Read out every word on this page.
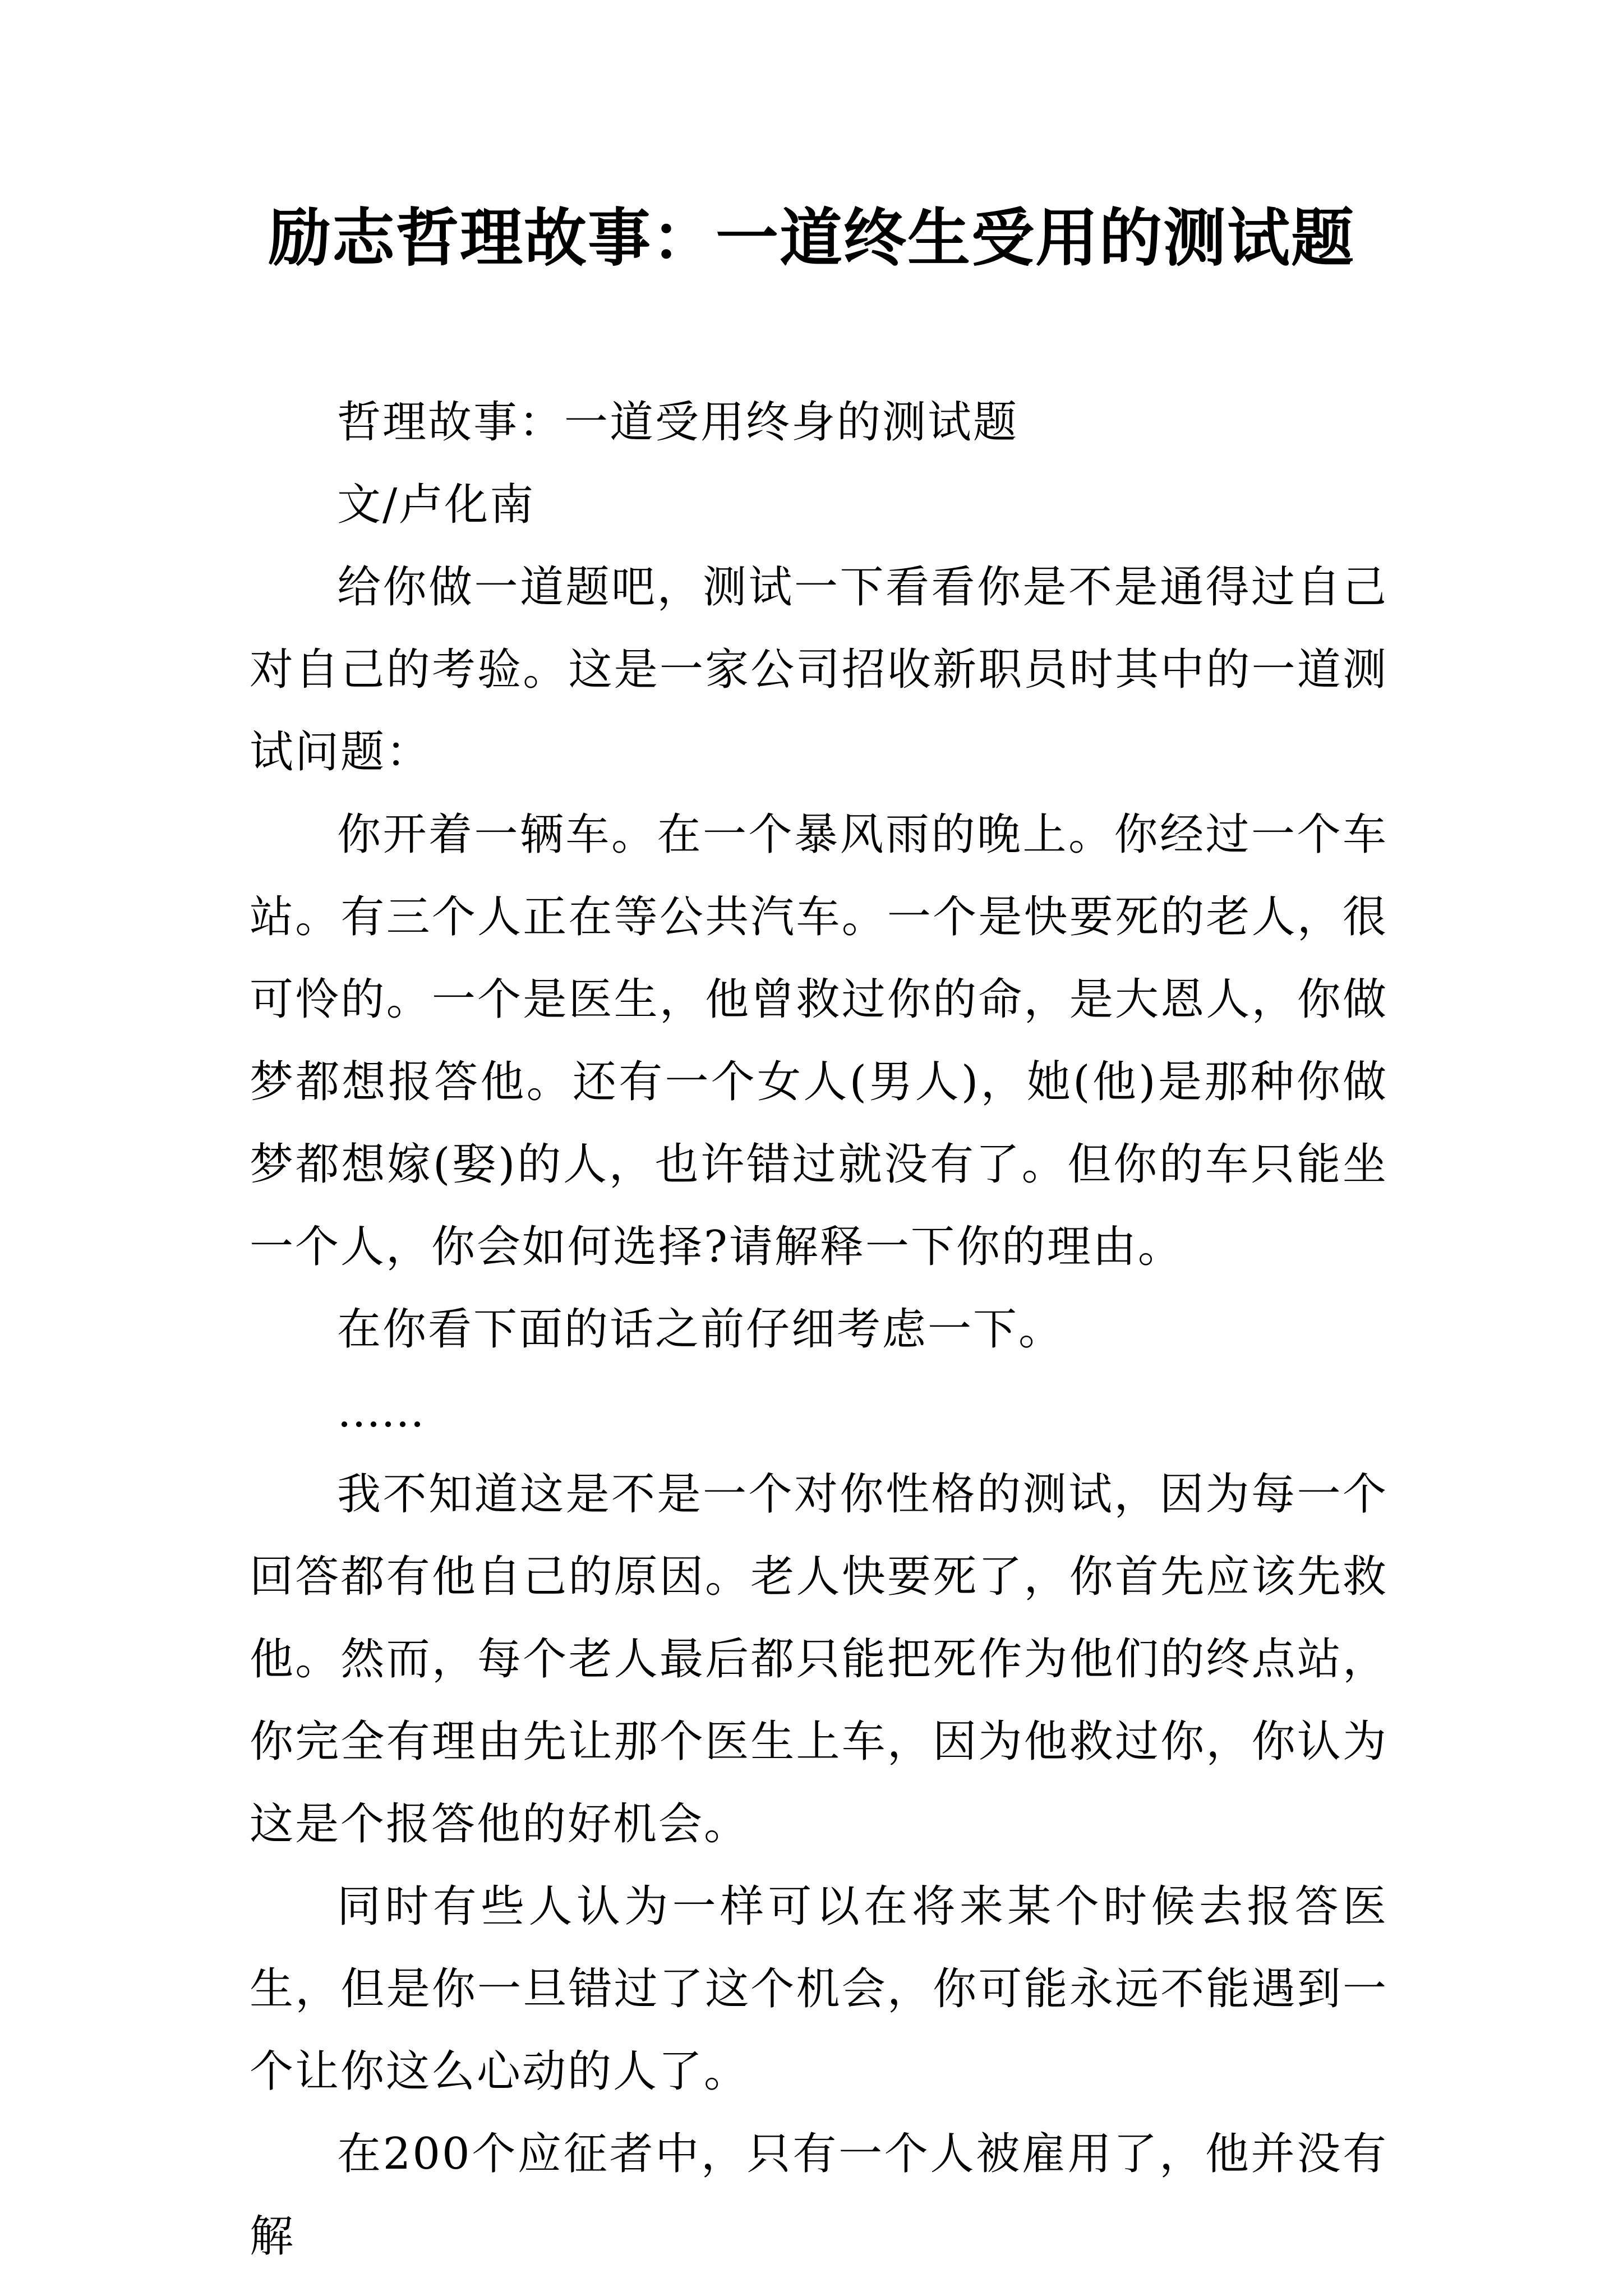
励志哲理故事：一道终生受用的测试题

哲理故事：一道受用终身的测试题

文/卢化南

给你做一道题吧，测试一下看看你是不是通得过自己对自己的考验。这是一家公司招收新职员时其中的一道测试问题：

你开着一辆车。在一个暴风雨的晚上。你经过一个车站。有三个人正在等公共汽车。一个是快要死的老人，很可怜的。一个是医生，他曾救过你的命，是大恩人，你做梦都想报答他。还有一个女人(男人)，她(他)是那种你做梦都想嫁(娶)的人，也许错过就没有了。但你的车只能坐一个人，你会如何选择?请解释一下你的理由。

在你看下面的话之前仔细考虑一下。

……

我不知道这是不是一个对你性格的测试，因为每一个回答都有他自己的原因。老人快要死了，你首先应该先救他。然而，每个老人最后都只能把死作为他们的终点站，你完全有理由先让那个医生上车，因为他救过你，你认为这是个报答他的好机会。

同时有些人认为一样可以在将来某个时候去报答医生，但是你一旦错过了这个机会，你可能永远不能遇到一个让你这么心动的人了。

在200个应征者中，只有一个人被雇用了，他并没有解
